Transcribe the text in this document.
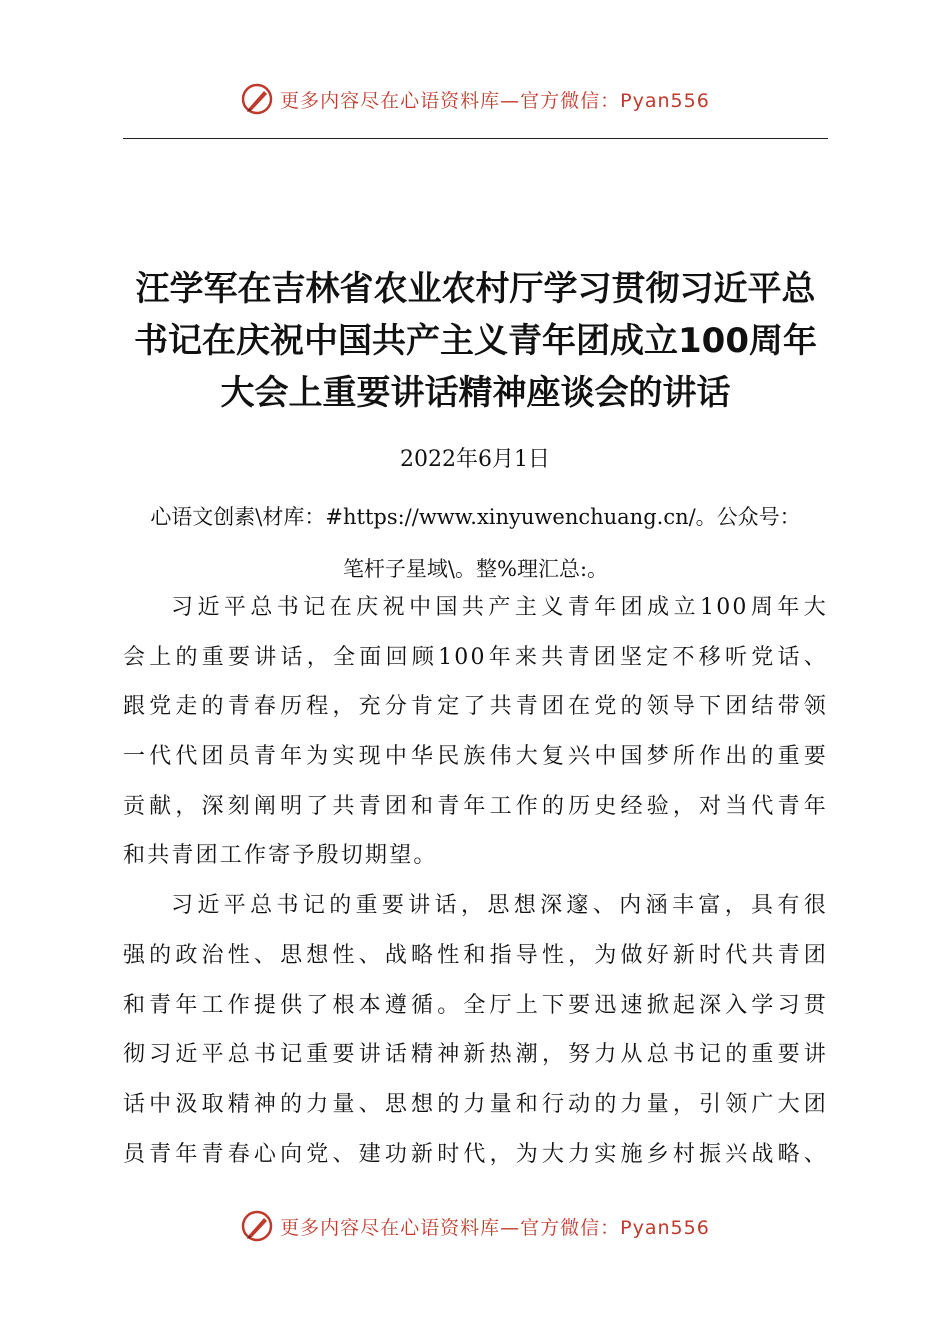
更多内容尽在心语资料库—官方微信：Pyan556
汪学军在吉林省农业农村厅学习贯彻习近平总
书记在庆祝中国共产主义青年团成立100周年
大会上重要讲话精神座谈会的讲话
2022年6月1日

心语文创素\材库：#https://www.xinyuwenchuang.cn/。公众号：
笔杆子星域\。整%理汇总:。

习近平总书记在庆祝中国共产主义青年团成立100周年大
会上的重要讲话，全面回顾100年来共青团坚定不移听党话、
跟党走的青春历程，充分肯定了共青团在党的领导下团结带领
一代代团员青年为实现中华民族伟大复兴中国梦所作出的重要
贡献，深刻阐明了共青团和青年工作的历史经验，对当代青年
和共青团工作寄予殷切期望。
习近平总书记的重要讲话，思想深邃、内涵丰富，具有很
强的政治性、思想性、战略性和指导性，为做好新时代共青团
和青年工作提供了根本遵循。全厅上下要迅速掀起深入学习贯
彻习近平总书记重要讲话精神新热潮，努力从总书记的重要讲
话中汲取精神的力量、思想的力量和行动的力量，引领广大团
员青年青春心向党、建功新时代，为大力实施乡村振兴战略、
更多内容尽在心语资料库—官方微信：Pyan556
